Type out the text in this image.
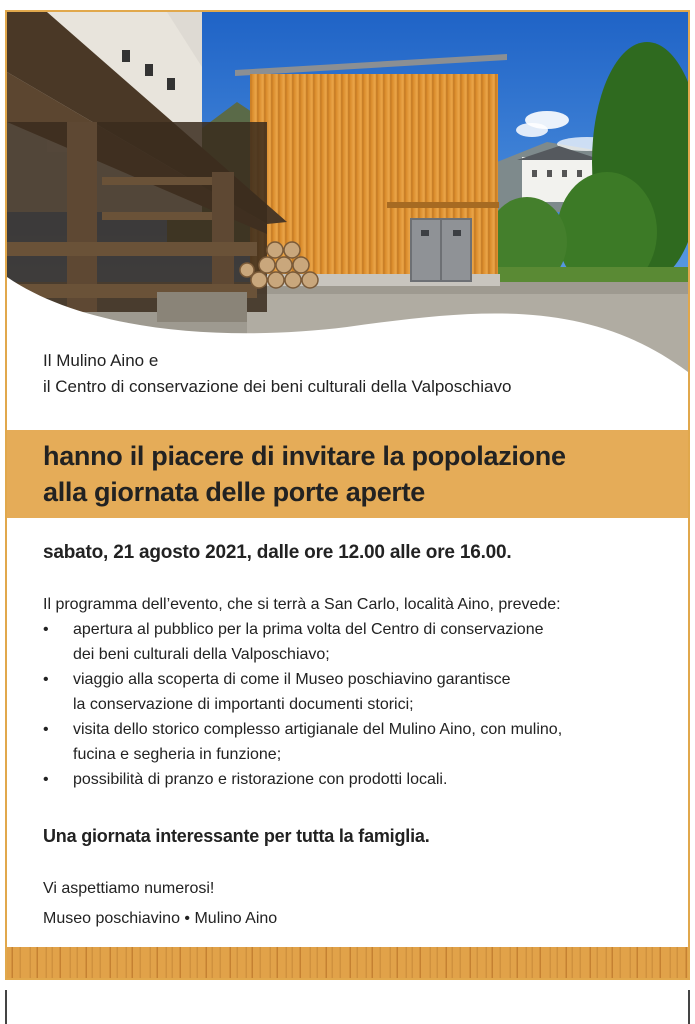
Il Mulino Aino e
il Centro di conservazione dei beni culturali della Valposchiavo
hanno il piacere di invitare la popolazione
alla giornata delle porte aperte
sabato, 21 agosto 2021, dalle ore 12.00 alle ore 16.00.
Il programma dell’evento, che si terrà a San Carlo, località Aino, prevede:
• apertura al pubblico per la prima volta del Centro di conservazione
dei beni culturali della Valposchiavo;
• viaggio alla scoperta di come il Museo poschiavino garantisce
la conservazione di importanti documenti storici;
• visita dello storico complesso artigianale del Mulino Aino, con mulino,
fucina e segheria in funzione;
• possibilità di pranzo e ristorazione con prodotti locali.
Una giornata interessante per tutta la famiglia.
Vi aspettiamo numerosi!
Museo poschiavino • Mulino Aino
